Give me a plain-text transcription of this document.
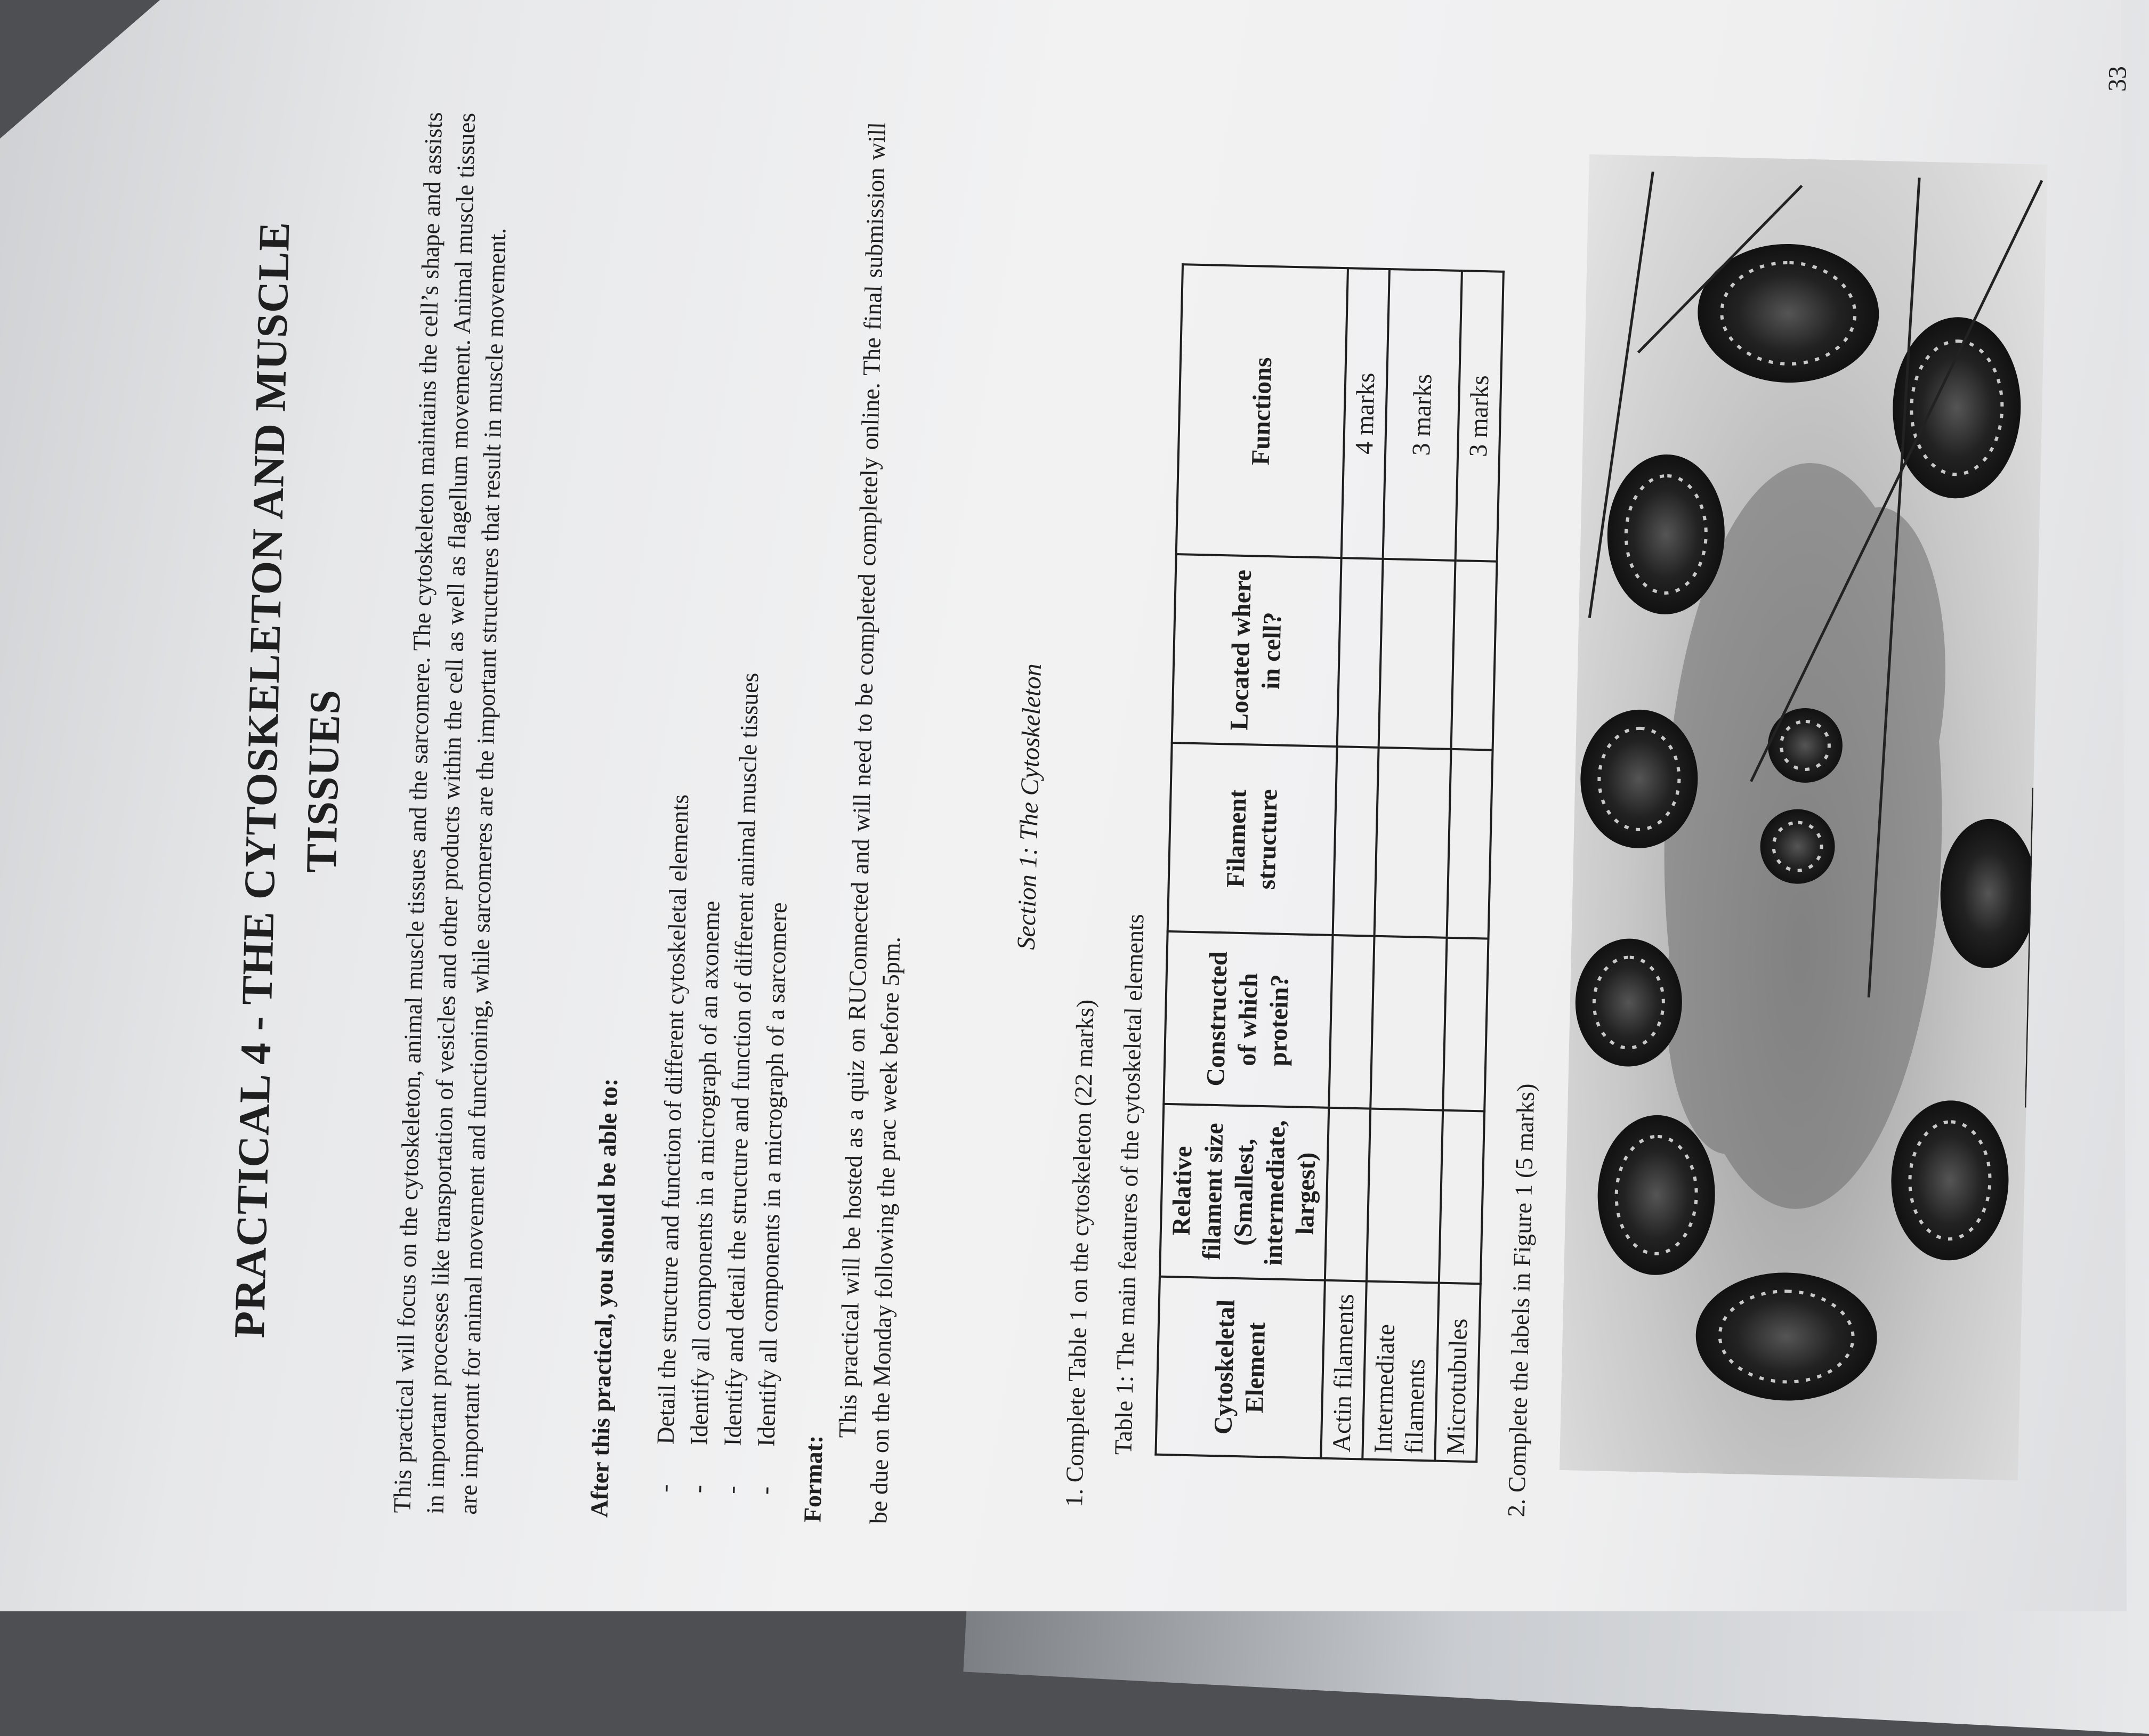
PRACTICAL 4 - THE CYTOSKELETON AND MUSCLE
TISSUES	This practical will focus on the cytoskeleton, animal muscle tissues and the sarcomere. The cytoskeleton maintains the cell’s shape and assists in important processes like transportation of vesicles and other products within the cell as well as flagellum movement. Animal muscle tissues are important for animal movement and functioning, while sarcomeres are the important structures that result in muscle movement.	After this practical, you should be able to:	- Detail the structure and function of different cytoskeletal elements
- Identify all components in a micrograph of an axoneme
- Identify and detail the structure and function of different animal muscle tissues
- Identify all components in a micrograph of a sarcomere
Format:
This practical will be hosted as a quiz on RUConnected and will need to be completed completely online. The final submission will be due on the Monday following the prac week before 5pm.
Section 1: The Cytoskeleton
1. Complete Table 1 on the cytoskeleton (22 marks) Table 1: The main features of the cytoskeletal elements	Cytoskeletal Element	Relative filament size (Smallest, intermediate, largest)	Constructed of which protein?	Filament structure	Located where in cell?	Functions
Actin filaments					4 marks
Intermediate filaments					3 marks
Microtubules					3 marks
2. Complete the labels in Figure 1 (5 marks)
33
